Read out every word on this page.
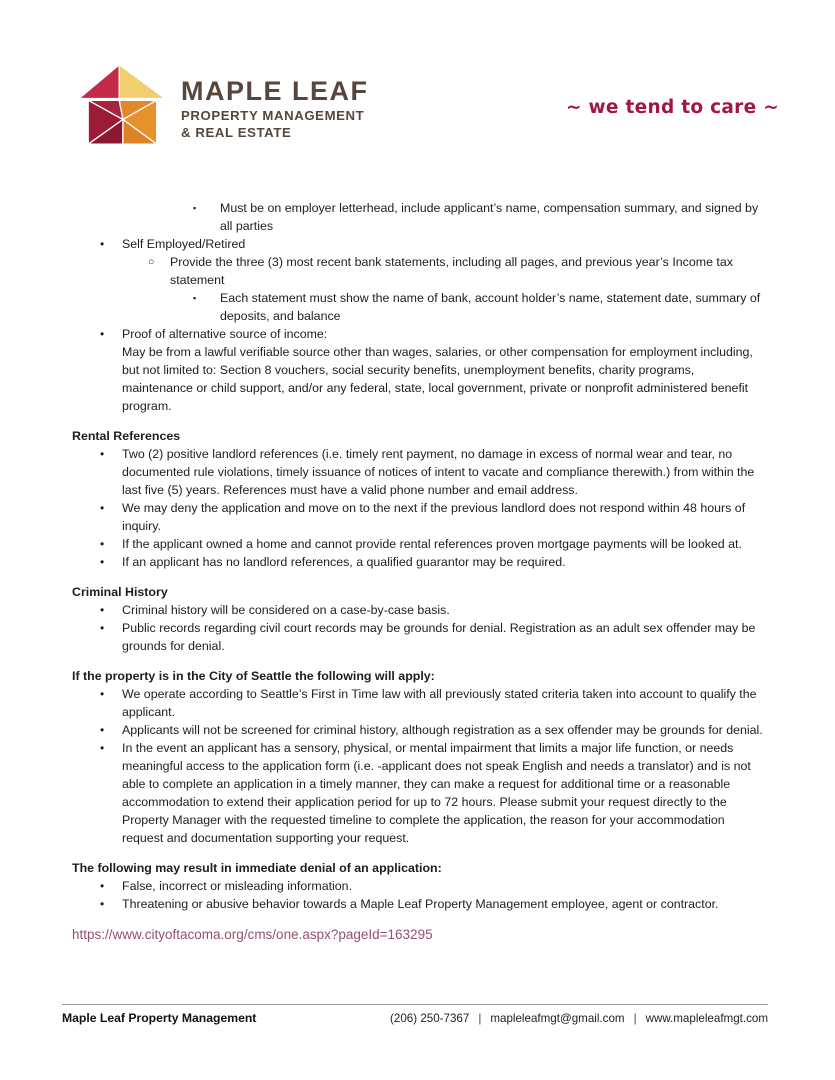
MAPLE LEAF
PROPERTY MANAGEMENT
& REAL ESTATE
~ we tend to care ~
▪	Must be on employer letterhead, include applicant’s name, compensation summary, and signed by all parties
•	Self Employed/Retired
○	Provide the three (3) most recent bank statements, including all pages, and previous year’s Income tax statement
▪	Each statement must show the name of bank, account holder’s name, statement date, summary of deposits, and balance
•	Proof of alternative source of income:
May be from a lawful verifiable source other than wages, salaries, or other compensation for employment including, but not limited to: Section 8 vouchers, social security benefits, unemployment benefits, charity programs, maintenance or child support, and/or any federal, state, local government, private or nonprofit administered benefit program.
Rental References
•	Two (2) positive landlord references (i.e. timely rent payment, no damage in excess of normal wear and tear, no documented rule violations, timely issuance of notices of intent to vacate and compliance therewith.) from within the last five (5) years. References must have a valid phone number and email address.
•	We may deny the application and move on to the next if the previous landlord does not respond within 48 hours of inquiry.
•	If the applicant owned a home and cannot provide rental references proven mortgage payments will be looked at.
•	If an applicant has no landlord references, a qualified guarantor may be required.
Criminal History
•	Criminal history will be considered on a case-by-case basis.
•	Public records regarding civil court records may be grounds for denial. Registration as an adult sex offender may be grounds for denial.
If the property is in the City of Seattle the following will apply:
•	We operate according to Seattle’s First in Time law with all previously stated criteria taken into account to qualify the applicant.
•	Applicants will not be screened for criminal history, although registration as a sex offender may be grounds for denial.
•	In the event an applicant has a sensory, physical, or mental impairment that limits a major life function, or needs meaningful access to the application form (i.e. -applicant does not speak English and needs a translator) and is not able to complete an application in a timely manner, they can make a request for additional time or a reasonable accommodation to extend their application period for up to 72 hours. Please submit your request directly to the Property Manager with the requested timeline to complete the application, the reason for your accommodation request and documentation supporting your request.
The following may result in immediate denial of an application:
•	False, incorrect or misleading information.
•	Threatening or abusive behavior towards a Maple Leaf Property Management employee, agent or contractor.
https://www.cityoftacoma.org/cms/one.aspx?pageId=163295
Maple Leaf Property Management	(206) 250-7367 | mapleleafmgt@gmail.com | www.mapleleafmgt.com
